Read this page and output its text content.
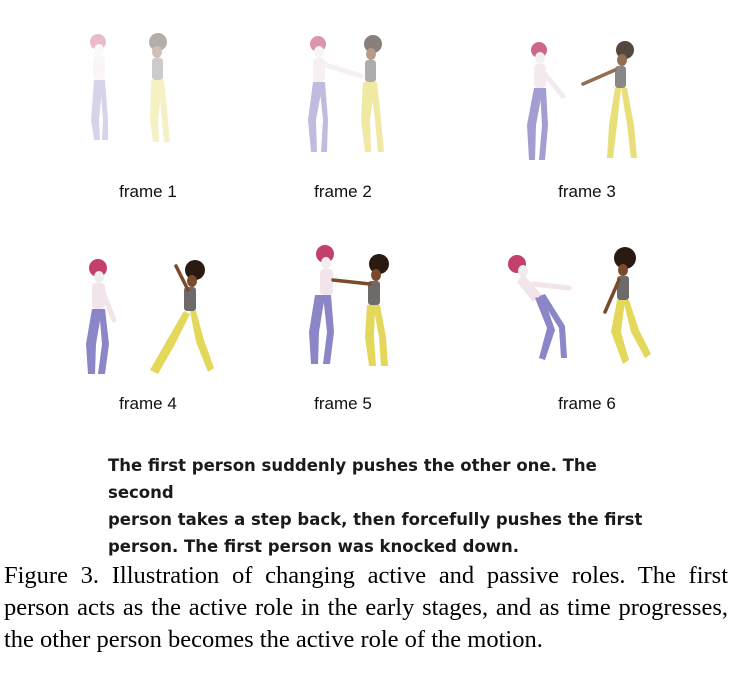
frame 1	frame 2	frame 3
frame 4	frame 5	frame 6
The first person suddenly pushes the other one. The second
person takes a step back, then forcefully pushes the first
person. The first person was knocked down.
Figure 3. Illustration of changing active and passive roles. The first person acts as the active role in the early stages, and as time progresses, the other person becomes the active role of the motion.
